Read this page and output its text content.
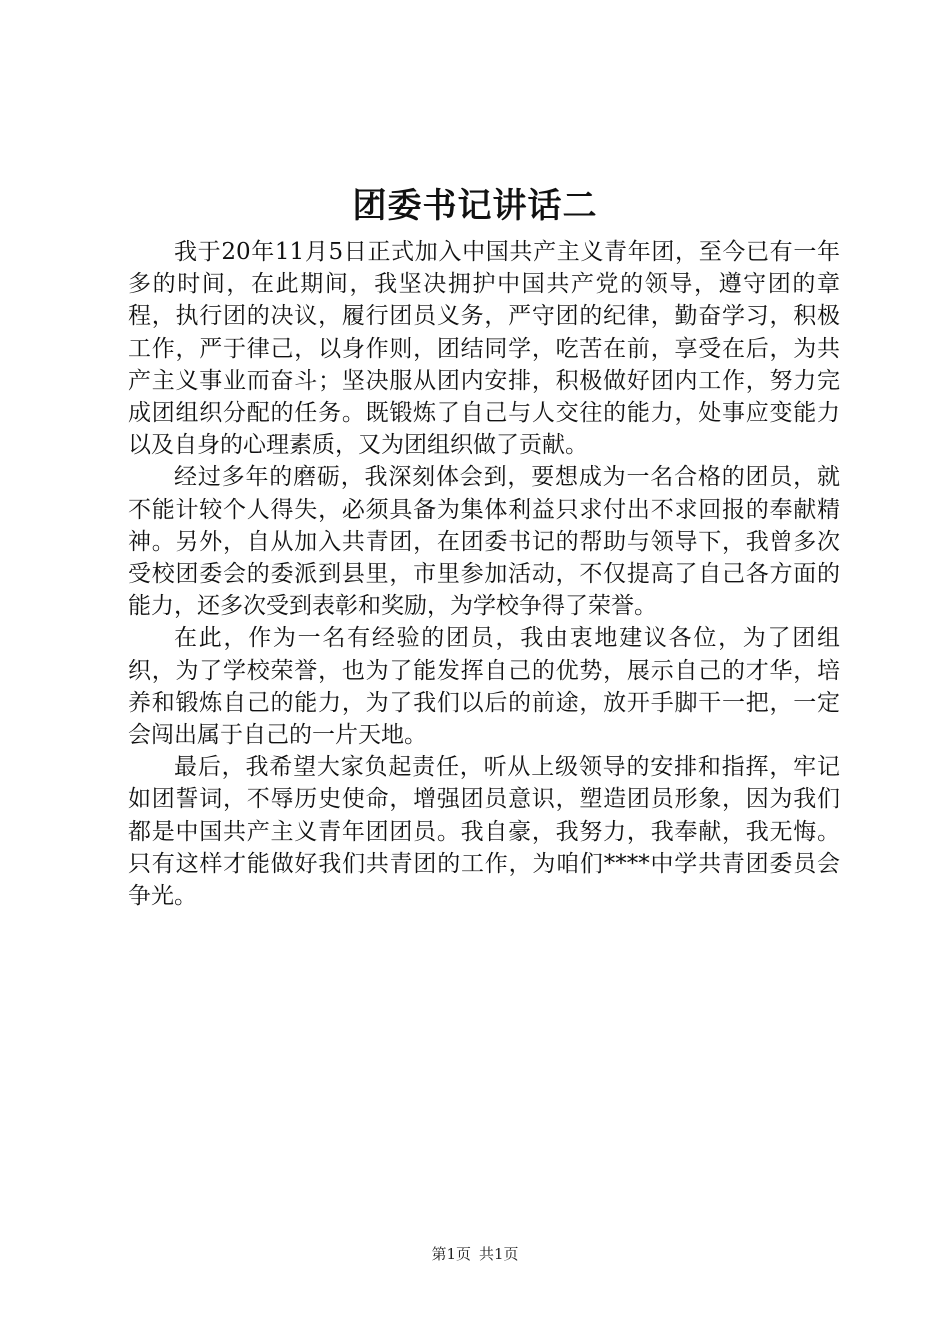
团委书记讲话二

我于20年11月5日正式加入中国共产主义青年团，至今已有一年多的时间，在此期间，我坚决拥护中国共产党的领导，遵守团的章程，执行团的决议，履行团员义务，严守团的纪律，勤奋学习，积极工作，严于律己，以身作则，团结同学，吃苦在前，享受在后，为共产主义事业而奋斗；坚决服从团内安排，积极做好团内工作，努力完成团组织分配的任务。既锻炼了自己与人交往的能力，处事应变能力以及自身的心理素质，又为团组织做了贡献。

经过多年的磨砺，我深刻体会到，要想成为一名合格的团员，就不能计较个人得失，必须具备为集体利益只求付出不求回报的奉献精神。另外，自从加入共青团，在团委书记的帮助与领导下，我曾多次受校团委会的委派到县里，市里参加活动，不仅提高了自己各方面的能力，还多次受到表彰和奖励，为学校争得了荣誉。

在此，作为一名有经验的团员，我由衷地建议各位，为了团组织，为了学校荣誉，也为了能发挥自己的优势，展示自己的才华，培养和锻炼自己的能力，为了我们以后的前途，放开手脚干一把，一定会闯出属于自己的一片天地。

最后，我希望大家负起责任，听从上级领导的安排和指挥，牢记如团誓词，不辱历史使命，增强团员意识，塑造团员形象，因为我们都是中国共产主义青年团团员。我自豪，我努力，我奉献，我无悔。只有这样才能做好我们共青团的工作，为咱们****中学共青团委员会争光。

第1页 共1页
